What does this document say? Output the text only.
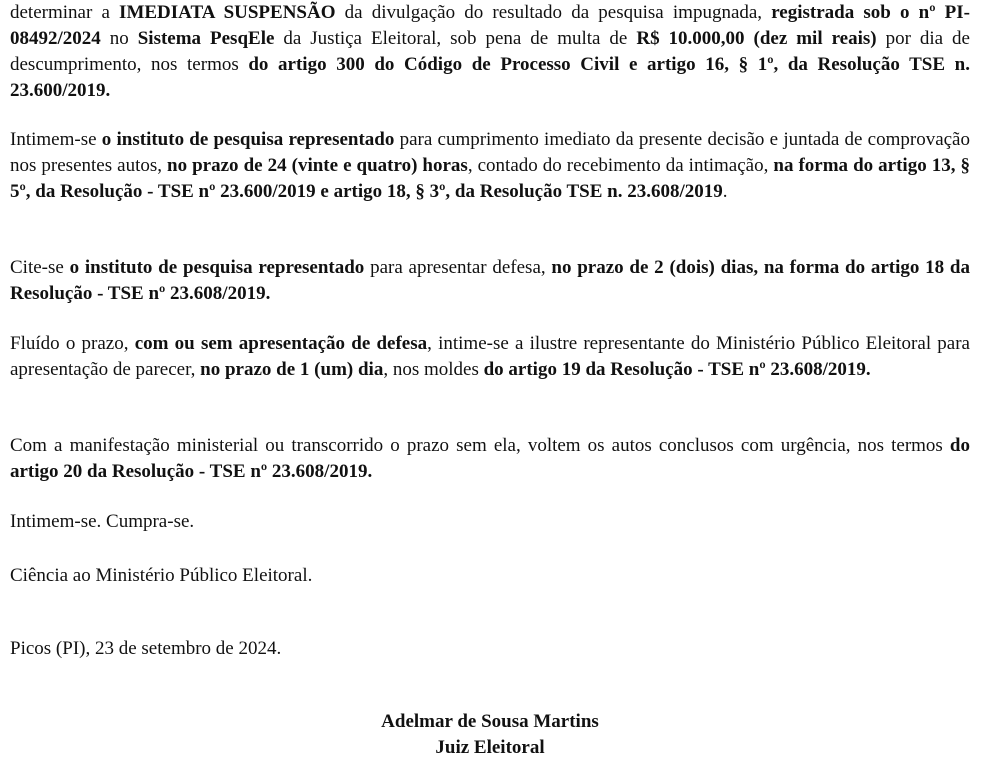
determinar a IMEDIATA SUSPENSÃO da divulgação do resultado da pesquisa impugnada, registrada sob o nº PI-08492/2024 no Sistema PesqEle da Justiça Eleitoral, sob pena de multa de R$ 10.000,00 (dez mil reais) por dia de descumprimento, nos termos do artigo 300 do Código de Processo Civil e artigo 16, § 1º, da Resolução TSE n. 23.600/2019.

Intimem-se o instituto de pesquisa representado para cumprimento imediato da presente decisão e juntada de comprovação nos presentes autos, no prazo de 24 (vinte e quatro) horas, contado do recebimento da intimação, na forma do artigo 13, § 5º, da Resolução - TSE nº 23.600/2019 e artigo 18, § 3º, da Resolução TSE n. 23.608/2019.

Cite-se o instituto de pesquisa representado para apresentar defesa, no prazo de 2 (dois) dias, na forma do artigo 18 da Resolução - TSE nº 23.608/2019.

Fluído o prazo, com ou sem apresentação de defesa, intime-se a ilustre representante do Ministério Público Eleitoral para apresentação de parecer, no prazo de 1 (um) dia, nos moldes do artigo 19 da Resolução - TSE nº 23.608/2019.

Com a manifestação ministerial ou transcorrido o prazo sem ela, voltem os autos conclusos com urgência, nos termos do artigo 20 da Resolução - TSE nº 23.608/2019.

Intimem-se. Cumpra-se.

Ciência ao Ministério Público Eleitoral.

Picos (PI), 23 de setembro de 2024.

Adelmar de Sousa Martins
Juiz Eleitoral
